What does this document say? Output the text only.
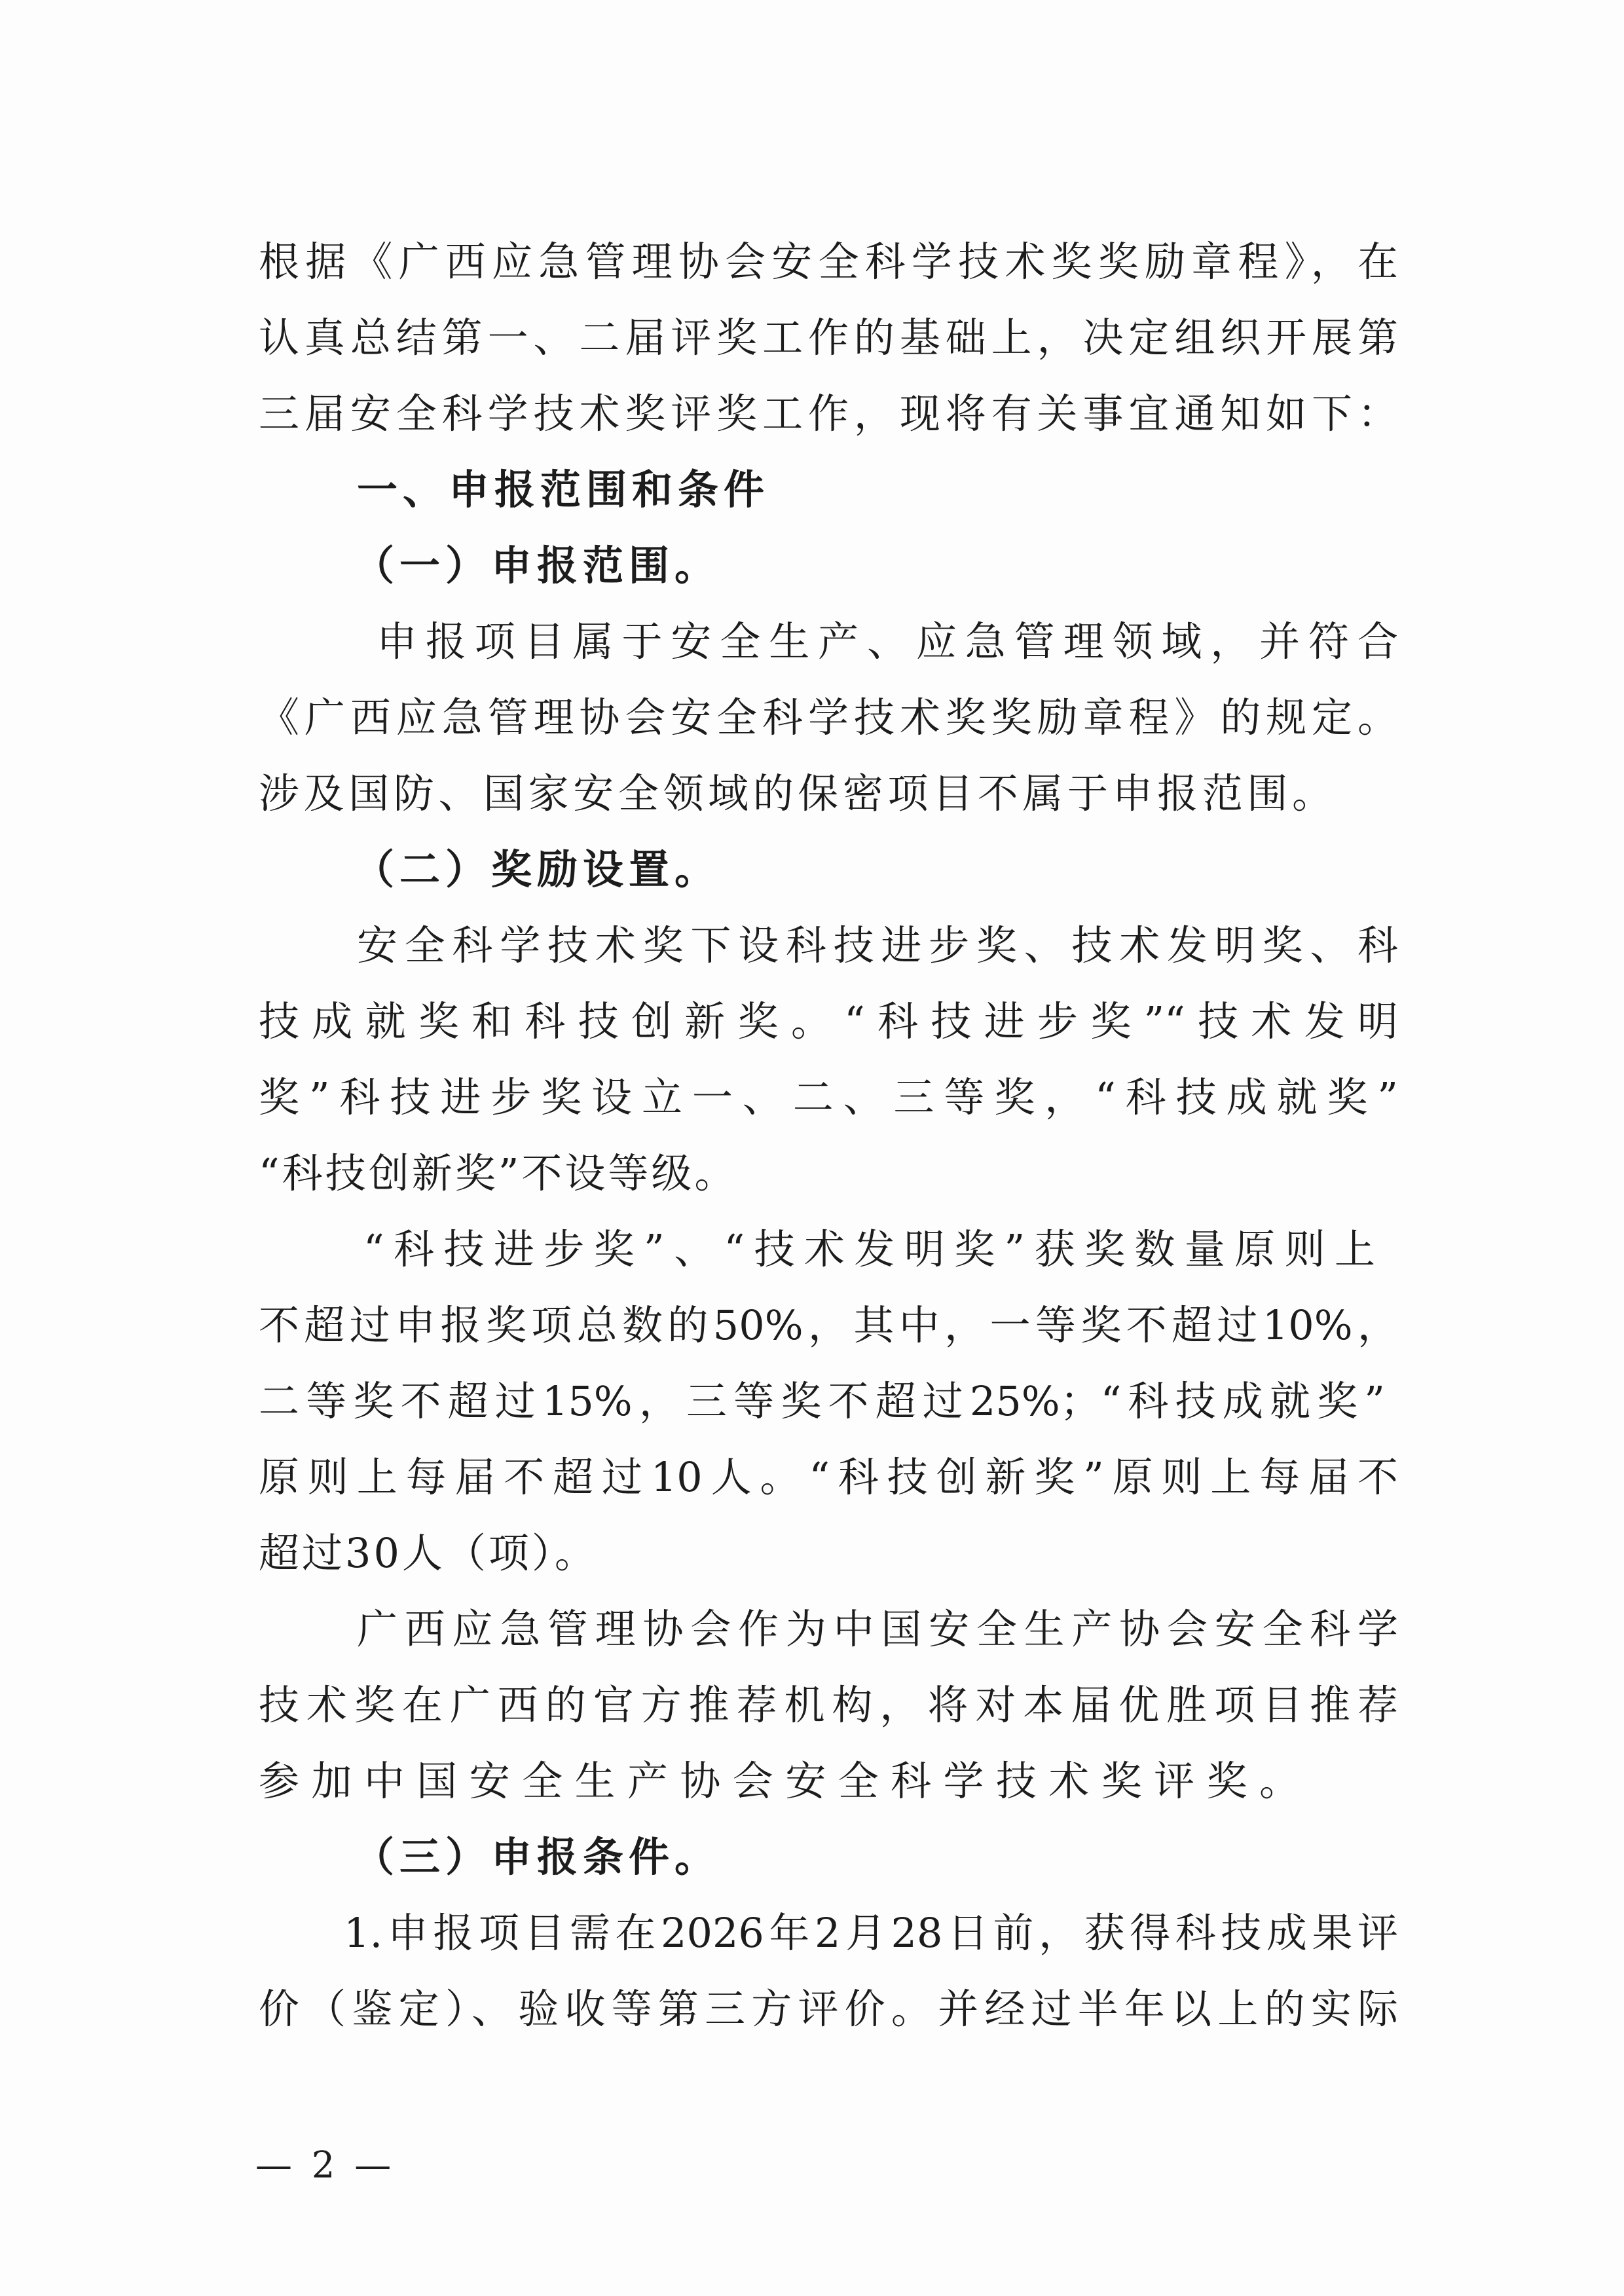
根据《广西应急管理协会安全科学技术奖奖励章程》，在
认真总结第一、二届评奖工作的基础上，决定组织开展第
三届安全科学技术奖评奖工作，现将有关事宜通知如下：
一、申报范围和条件
（一）申报范围。
申报项目属于安全生产、应急管理领域，并符合
《广西应急管理协会安全科学技术奖奖励章程》的规定。
涉及国防、国家安全领域的保密项目不属于申报范围。
（二）奖励设置。
安全科学技术奖下设科技进步奖、技术发明奖、科
技成就奖和科技创新奖。“科技进步奖”“技术发明
奖”科技进步奖设立一、二、三等奖，“科技成就奖”
“科技创新奖”不设等级。
“科技进步奖”、“技术发明奖”获奖数量原则上
不超过申报奖项总数的50%，其中，一等奖不超过10%，
二等奖不超过15%，三等奖不超过25%；“科技成就奖”
原则上每届不超过10人。“科技创新奖”原则上每届不
超过30人（项）。
广西应急管理协会作为中国安全生产协会安全科学
技术奖在广西的官方推荐机构，将对本届优胜项目推荐
参加中国安全生产协会安全科学技术奖评奖。
（三）申报条件。
1.申报项目需在2026年2月28日前，获得科技成果评
价（鉴定）、验收等第三方评价。并经过半年以上的实际
— 2 —
